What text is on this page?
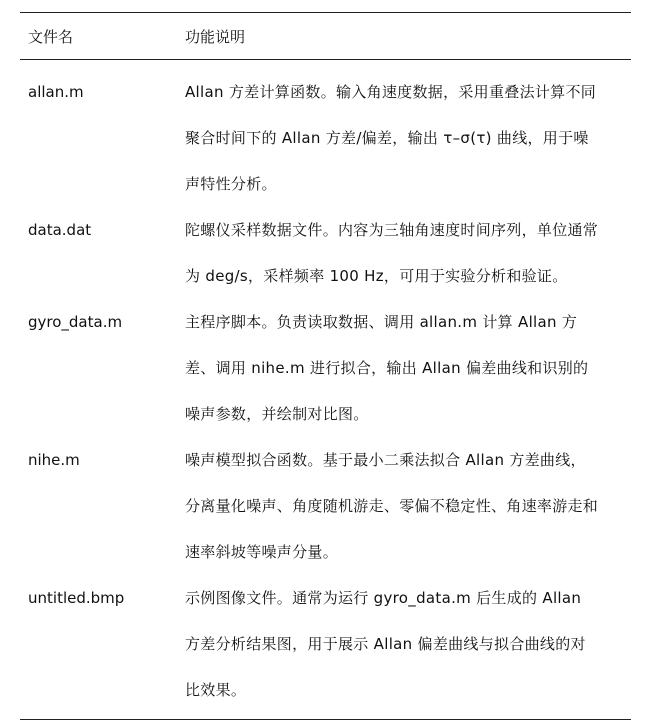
文件名	功能说明
allan.m	Allan 方差计算函数。输入角速度数据，采用重叠法计算不同
聚合时间下的 Allan 方差/偏差，输出 τ–σ(τ) 曲线，用于噪
声特性分析。
data.dat	陀螺仪采样数据文件。内容为三轴角速度时间序列，单位通常
为 deg/s，采样频率 100 Hz，可用于实验分析和验证。
gyro_data.m	主程序脚本。负责读取数据、调用 allan.m 计算 Allan 方
差、调用 nihe.m 进行拟合，输出 Allan 偏差曲线和识别的
噪声参数，并绘制对比图。
nihe.m	噪声模型拟合函数。基于最小二乘法拟合 Allan 方差曲线，
分离量化噪声、角度随机游走、零偏不稳定性、角速率游走和
速率斜坡等噪声分量。
untitled.bmp	示例图像文件。通常为运行 gyro_data.m 后生成的 Allan
方差分析结果图，用于展示 Allan 偏差曲线与拟合曲线的对
比效果。
